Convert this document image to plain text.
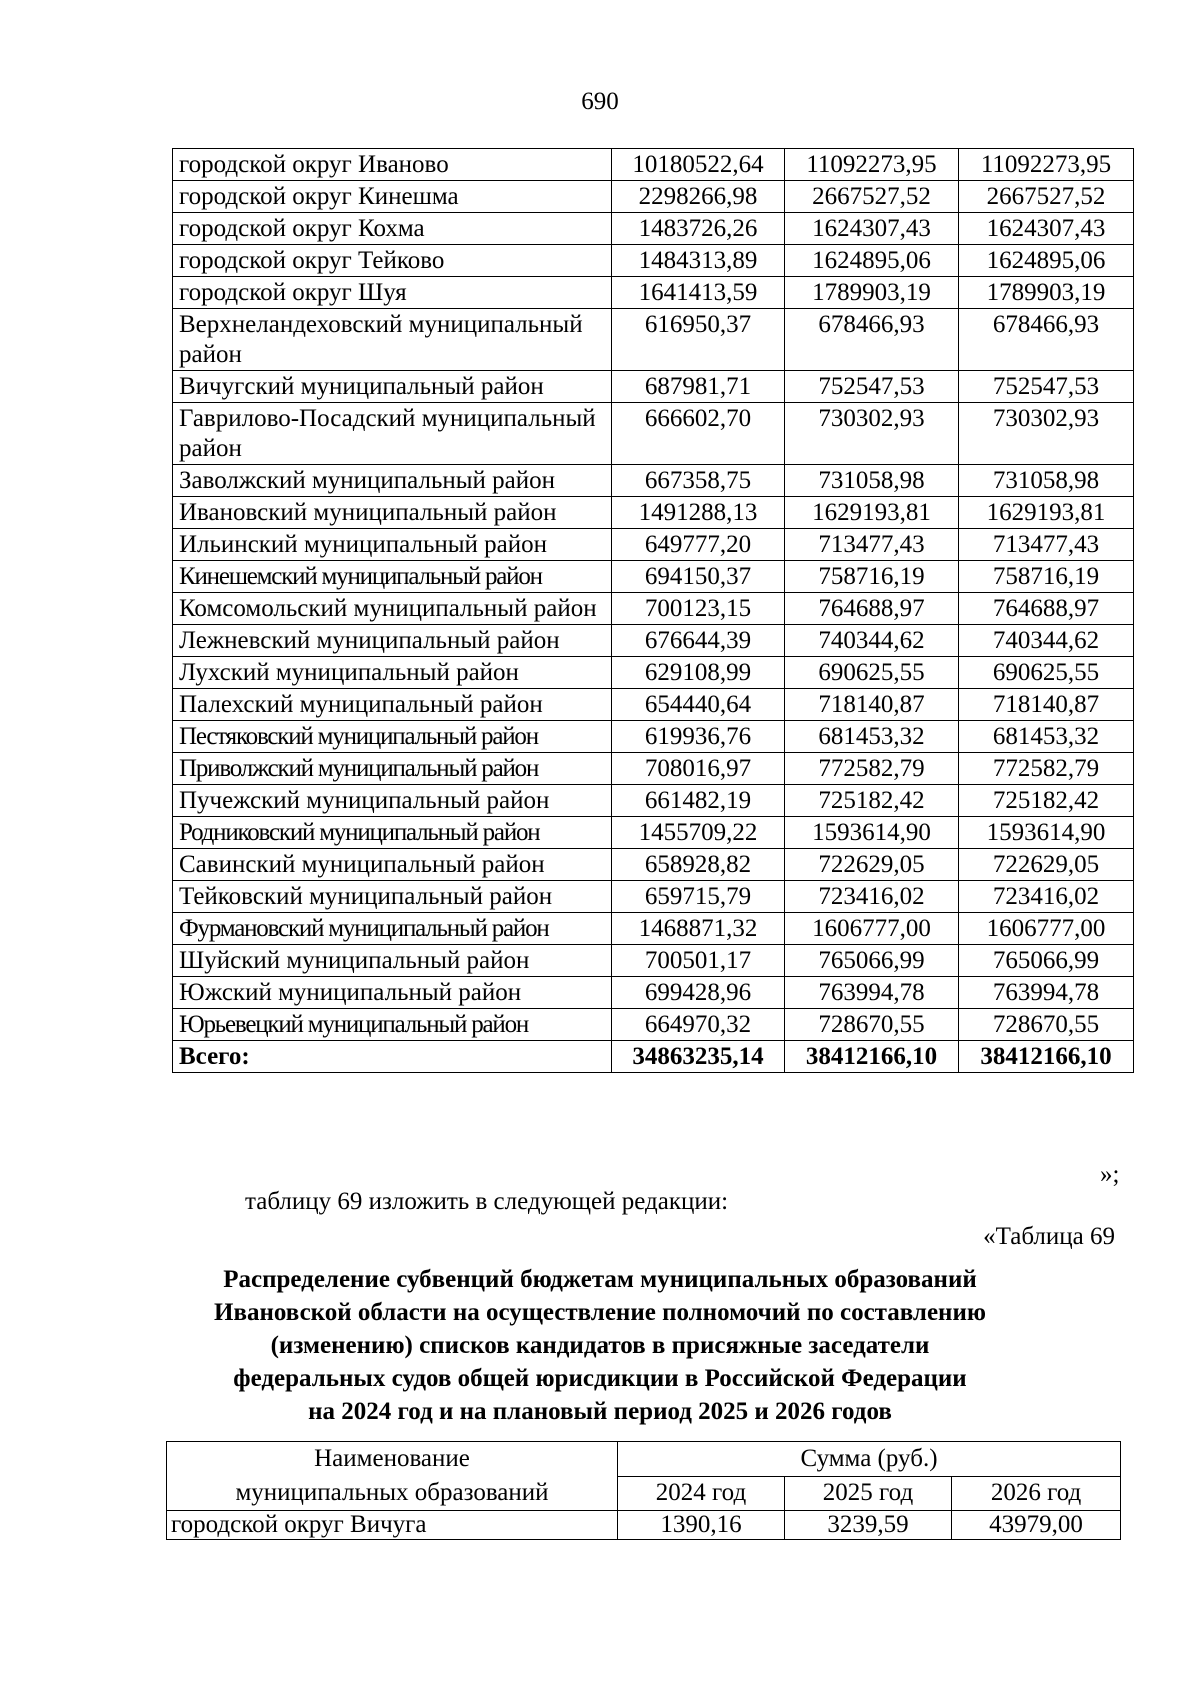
690
городской округ Иваново	10180522,64	11092273,95	11092273,95
городской округ Кинешма	2298266,98	2667527,52	2667527,52
городской округ Кохма	1483726,26	1624307,43	1624307,43
городской округ Тейково	1484313,89	1624895,06	1624895,06
городской округ Шуя	1641413,59	1789903,19	1789903,19
Верхнеландеховский муниципальный район	616950,37	678466,93	678466,93
Вичугский муниципальный район	687981,71	752547,53	752547,53
Гаврилово-Посадский муниципальный район	666602,70	730302,93	730302,93
Заволжский муниципальный район	667358,75	731058,98	731058,98
Ивановский муниципальный район	1491288,13	1629193,81	1629193,81
Ильинский муниципальный район	649777,20	713477,43	713477,43
Кинешемский муниципальный район	694150,37	758716,19	758716,19
Комсомольский муниципальный район	700123,15	764688,97	764688,97
Лежневский муниципальный район	676644,39	740344,62	740344,62
Лухский муниципальный район	629108,99	690625,55	690625,55
Палехский муниципальный район	654440,64	718140,87	718140,87
Пестяковский муниципальный район	619936,76	681453,32	681453,32
Приволжский муниципальный район	708016,97	772582,79	772582,79
Пучежский муниципальный район	661482,19	725182,42	725182,42
Родниковский муниципальный район	1455709,22	1593614,90	1593614,90
Савинский муниципальный район	658928,82	722629,05	722629,05
Тейковский муниципальный район	659715,79	723416,02	723416,02
Фурмановский муниципальный район	1468871,32	1606777,00	1606777,00
Шуйский муниципальный район	700501,17	765066,99	765066,99
Южский муниципальный район	699428,96	763994,78	763994,78
Юрьевецкий муниципальный район	664970,32	728670,55	728670,55
Всего:	34863235,14	38412166,10	38412166,10
»;
таблицу 69 изложить в следующей редакции:
«Таблица 69
Распределение субвенций бюджетам муниципальных образований
Ивановской области на осуществление полномочий по составлению
(изменению) списков кандидатов в присяжные заседатели
федеральных судов общей юрисдикции в Российской Федерации
на 2024 год и на плановый период 2025 и 2026 годов
Наименование
муниципальных образований	Сумма (руб.)		
	2024 год	2025 год	2026 год
городской округ Вичуга	1390,16	3239,59	43979,00
